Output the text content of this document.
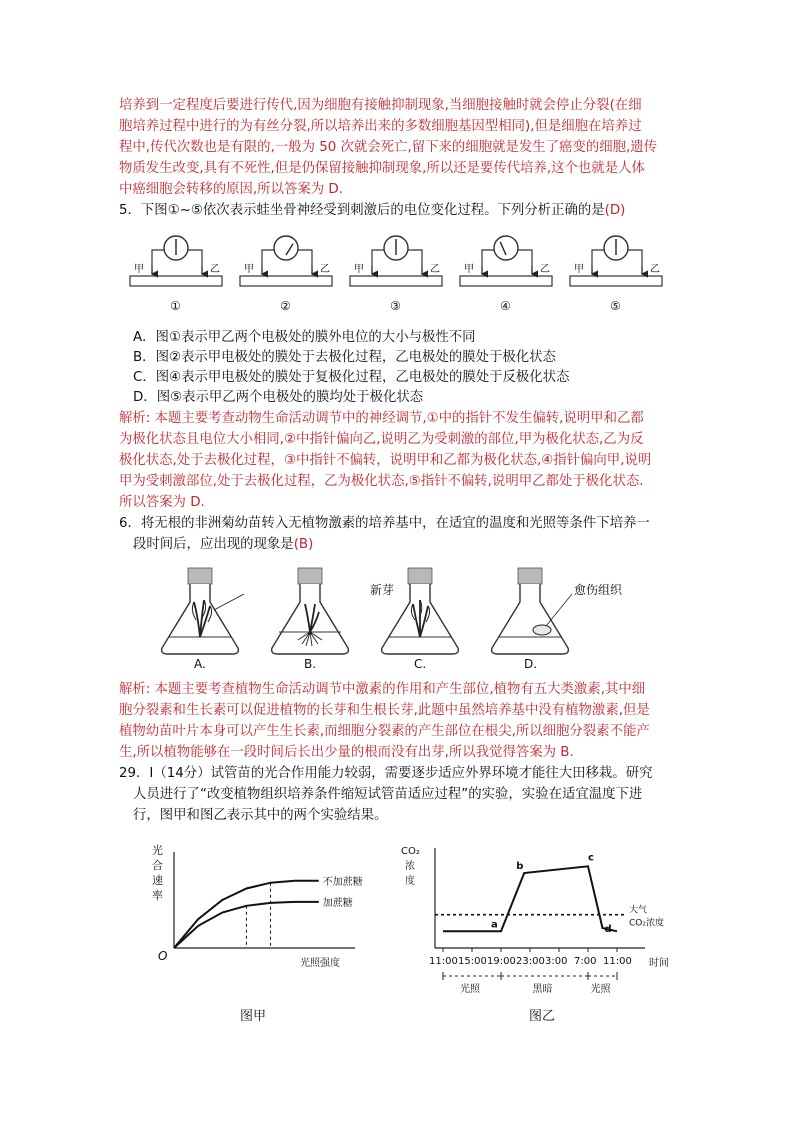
培养到一定程度后要进行传代,因为细胞有接触抑制现象,当细胞接触时就会停止分裂(在细
胞培养过程中进行的为有丝分裂,所以培养出来的多数细胞基因型相同),但是细胞在培养过
程中,传代次数也是有限的,一般为 50 次就会死亡,留下来的细胞就是发生了癌变的细胞,遗传
物质发生改变,具有不死性,但是仍保留接触抑制现象,所以还是要传代培养,这个也就是人体
中癌细胞会转移的原因,所以答案为 D.
5．下图①~⑤依次表示蛙坐骨神经受到刺激后的电位变化过程。下列分析正确的是(D)
甲	乙
①
甲	乙
②
甲	乙
③
甲	乙
④
甲	乙
⑤
A．图①表示甲乙两个电极处的膜外电位的大小与极性不同
B．图②表示甲电极处的膜处于去极化过程，乙电极处的膜处于极化状态
C．图④表示甲电极处的膜处于复极化过程，乙电极处的膜处于反极化状态
D．图⑤表示甲乙两个电极处的膜均处于极化状态
解析: 本题主要考查动物生命活动调节中的神经调节,①中的指针不发生偏转,说明甲和乙都
为极化状态且电位大小相同,②中指针偏向乙,说明乙为受刺激的部位,甲为极化状态,乙为反
极化状态,处于去极化过程，③中指针不偏转，说明甲和乙都为极化状态,④指针偏向甲,说明
甲为受刺激部位,处于去极化过程，乙为极化状态,⑤指针不偏转,说明甲乙都处于极化状态.
所以答案为 D.
6．将无根的非洲菊幼苗转入无植物激素的培养基中，在适宜的温度和光照等条件下培养一
段时间后，应出现的现象是(B)
新芽	愈伤组织
A.	B.	C.	D.
解析: 本题主要考查植物生命活动调节中激素的作用和产生部位,植物有五大类激素,其中细
胞分裂素和生长素可以促进植物的长芽和生根长芽,此题中虽然培养基中没有植物激素,但是
植物幼苗叶片本身可以产生生长素,而细胞分裂素的产生部位在根尖,所以细胞分裂素不能产
生,所以植物能够在一段时间后长出少量的根而没有出芽,所以我觉得答案为 B.
29．I（14分）试管苗的光合作用能力较弱，需要逐步适应外界环境才能往大田移栽。研究
人员进行了“改变植物组织培养条件缩短试管苗适应过程”的实验，实验在适宜温度下进
行，图甲和图乙表示其中的两个实验结果。
光
合
速
率
O
光照强度
不加蔗糖
加蔗糖
图甲
CO₂
浓
度
时间
11:00 15:00 19:00 23:00 3:00 7:00 11:00
大气
CO₂浓度
a
b
c
d
光照	黑暗	光照
图乙
